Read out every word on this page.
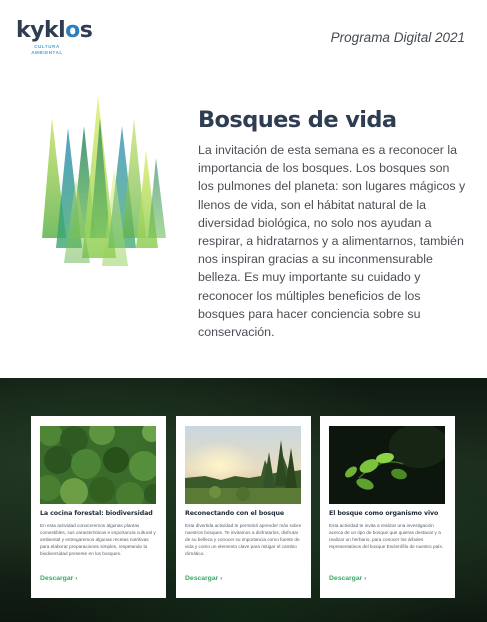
kyklos
CULTURA
AMBIENTAL
Programa Digital 2021
Bosques de vida

La invitación de esta semana es a reconocer la importancia de los bosques. Los bosques son los pulmones del planeta: son lugares mágicos y llenos de vida, son el hábitat natural de la diversidad biológica, no solo nos ayudan a respirar, a hidratarnos y a alimentarnos, también nos inspiran gracias a su inconmensurable belleza. Es muy importante su cuidado y reconocer los múltiples beneficios de los bosques para hacer conciencia sobre su conservación.

La cocina forestal: biodiversidad
En esta actividad conoceremos algunas plantas comestibles, sus características e importancia cultural y ambiental y entregaremos algunas recetas nutritivas para elaborar preparaciones simples, respetando la biodiversidad presente en los bosques.
Descargar ›
Reconectando con el bosque
Esta divertida actividad te permitirá aprender más sobre nuestros bosques. Te invitamos a disfrutarlos, disfrutar de su belleza y conocer su importancia como fuente de vida y como un elemento clave para mitigar el cambio climático.
Descargar ›
El bosque como organismo vivo
Esta actividad te invita a realizar una investigación acerca de un tipo de bosque que quieras destacar y a realizar un herbario, para conocer los árboles representativos del bosque Esclerófilo de nuestro país.
Descargar ›
